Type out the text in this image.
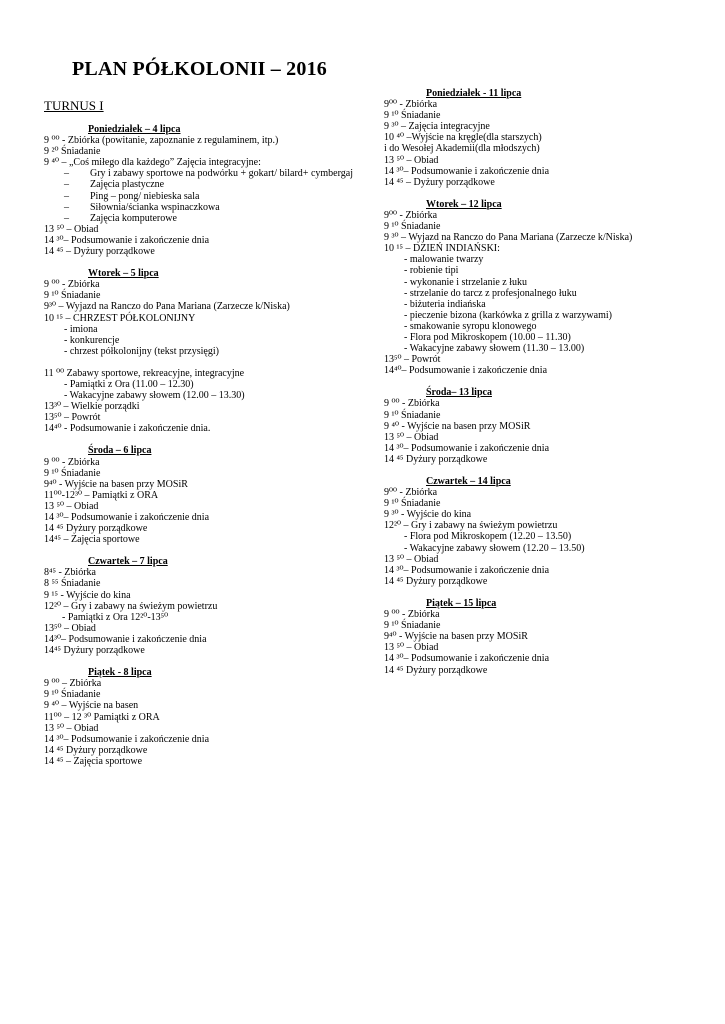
PLAN PÓŁKOLONII – 2016
TURNUS I
Poniedziałek – 4 lipca
9 ⁰⁰ - Zbiórka (powitanie, zapoznanie z regulaminem, itp.)
9 ²⁰ Śniadanie
9 ⁴⁰ – „Coś miłego dla każdego” Zajęcia integracyjne:
– Gry i zabawy sportowe na podwórku + gokart/ bilard+ cymbergaj
– Zajęcia plastyczne
– Ping – pong/ niebieska sala
– Siłownia/ścianka wspinaczkowa
– Zajęcia komputerowe
13 ⁵⁰ – Obiad
14 ³⁰– Podsumowanie i zakończenie dnia
14 ⁴⁵ – Dyżury porządkowe
Wtorek – 5 lipca
9 ⁰⁰ - Zbiórka
9 ¹⁰ Śniadanie
9³⁰ – Wyjazd na Ranczo do Pana Mariana (Zarzecze k/Niska)
10 ¹⁵ – CHRZEST PÓŁKOLONIJNY
- imiona
- konkurencje
- chrzest półkolonijny (tekst przysięgi)
11 ⁰⁰ Zabawy sportowe, rekreacyjne, integracyjne
- Pamiątki z Ora (11.00 – 12.30)
- Wakacyjne zabawy słowem (12.00 – 13.30)
13³⁰ – Wielkie porządki
13⁵⁰ – Powrót
14⁴⁰ - Podsumowanie i zakończenie dnia.
Środa – 6 lipca
9 ⁰⁰ - Zbiórka
9 ¹⁰ Śniadanie
9⁴⁰ - Wyjście na basen przy MOSiR
11⁰⁰-12³⁰ – Pamiątki z ORA
13 ⁵⁰ – Obiad
14 ³⁰– Podsumowanie i zakończenie dnia
14 ⁴⁵ Dyżury porządkowe
14⁴⁵ – Zajęcia sportowe
Czwartek – 7 lipca
8⁴⁵ - Zbiórka
8 ⁵⁵ Śniadanie
9 ¹⁵ - Wyjście do kina
12²⁰ – Gry i zabawy na świeżym powietrzu
- Pamiątki z Ora 12²⁰-13⁵⁰
13⁵⁰ – Obiad
14³⁰– Podsumowanie i zakończenie dnia
14⁴⁵ Dyżury porządkowe
Piątek - 8 lipca
9 ⁰⁰ – Zbiórka
9 ¹⁰ Śniadanie
9 ⁴⁰ – Wyjście na basen
11⁰⁰ – 12 ³⁰ Pamiątki z ORA
13 ⁵⁰ – Obiad
14 ³⁰– Podsumowanie i zakończenie dnia
14 ⁴⁵ Dyżury porządkowe
14 ⁴⁵ – Zajęcia sportowe
Poniedziałek - 11 lipca
9⁰⁰ - Zbiórka
9 ¹⁰ Śniadanie
9 ³⁰ – Zajęcia integracyjne
10 ⁴⁰ –Wyjście na kręgle(dla starszych)
i do Wesołej Akademii(dla młodszych)
13 ⁵⁰ – Obiad
14 ³⁰– Podsumowanie i zakończenie dnia
14 ⁴⁵ – Dyżury porządkowe
Wtorek – 12 lipca
9⁰⁰ - Zbiórka
9 ¹⁰ Śniadanie
9 ³⁰ – Wyjazd na Ranczo do Pana Mariana (Zarzecze k/Niska)
10 ¹⁵ – DZIEŃ INDIAŃSKI:
- malowanie twarzy
- robienie tipi
- wykonanie i strzelanie z łuku
- strzelanie do tarcz z profesjonalnego łuku
- biżuteria indiańska
- pieczenie bizona (karkówka z grilla z warzywami)
- smakowanie syropu klonowego
- Flora pod Mikroskopem (10.00 – 11.30)
- Wakacyjne zabawy słowem (11.30 – 13.00)
13⁵⁰ – Powrót
14⁴⁰– Podsumowanie i zakończenie dnia
Środa– 13 lipca
9 ⁰⁰ - Zbiórka
9 ¹⁰ Śniadanie
9 ⁴⁰ - Wyjście na basen przy MOSiR
13 ⁵⁰ – Obiad
14 ³⁰– Podsumowanie i zakończenie dnia
14 ⁴⁵ Dyżury porządkowe
Czwartek – 14 lipca
9⁰⁰ - Zbiórka
9 ¹⁰ Śniadanie
9 ³⁰ - Wyjście do kina
12²⁰ – Gry i zabawy na świeżym powietrzu
- Flora pod Mikroskopem (12.20 – 13.50)
- Wakacyjne zabawy słowem (12.20 – 13.50)
13 ⁵⁰ – Obiad
14 ³⁰– Podsumowanie i zakończenie dnia
14 ⁴⁵ Dyżury porządkowe
Piątek – 15 lipca
9 ⁰⁰ - Zbiórka
9 ¹⁰ Śniadanie
9⁴⁰ - Wyjście na basen przy MOSiR
13 ⁵⁰ – Obiad
14 ³⁰– Podsumowanie i zakończenie dnia
14 ⁴⁵ Dyżury porządkowe
